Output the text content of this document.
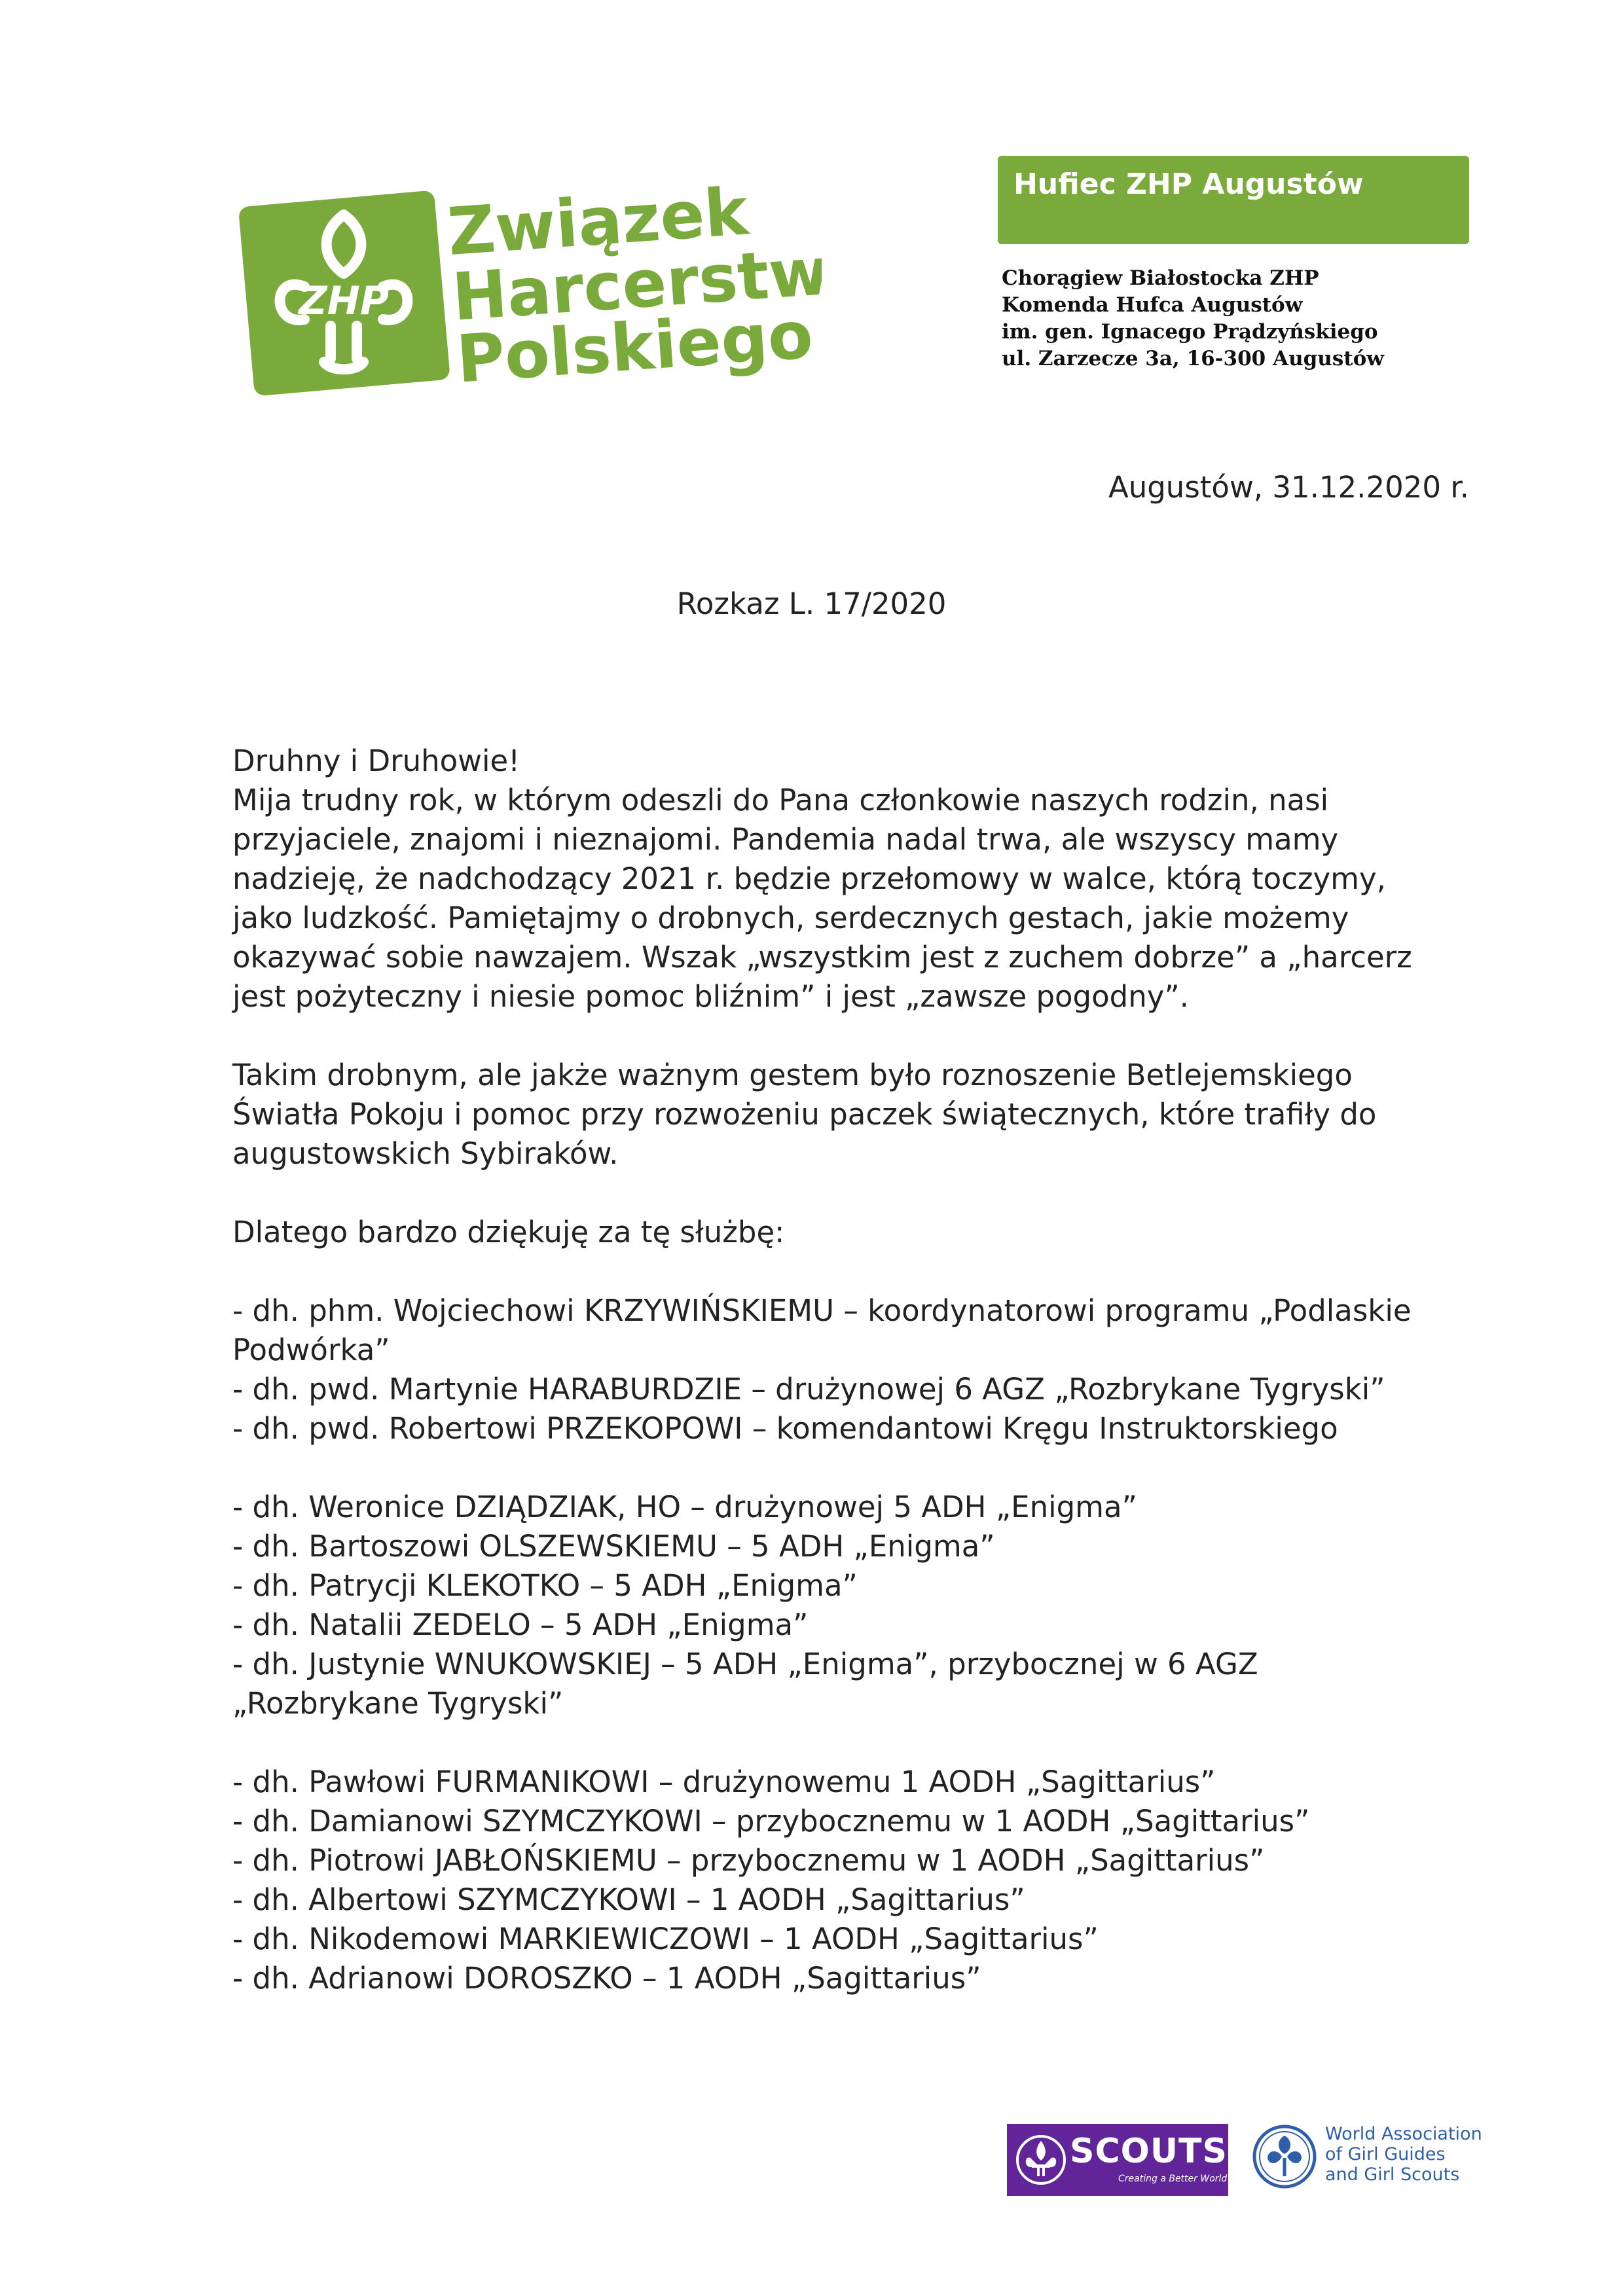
ZHP
Związek
Harcerstwa
Polskiego
Hufiec ZHP Augustów
Chorągiew Białostocka ZHP
Komenda Hufca Augustów
im. gen. Ignacego Prądzyńskiego
ul. Zarzecze 3a, 16-300 Augustów
Augustów, 31.12.2020 r.
Rozkaz L. 17/2020
Druhny i Druhowie!
Mija trudny rok, w którym odeszli do Pana członkowie naszych rodzin, nasi
przyjaciele, znajomi i nieznajomi. Pandemia nadal trwa, ale wszyscy mamy
nadzieję, że nadchodzący 2021 r. będzie przełomowy w walce, którą toczymy,
jako ludzkość. Pamiętajmy o drobnych, serdecznych gestach, jakie możemy
okazywać sobie nawzajem. Wszak „wszystkim jest z zuchem dobrze” a „harcerz
jest pożyteczny i niesie pomoc bliźnim” i jest „zawsze pogodny”.
Takim drobnym, ale jakże ważnym gestem było roznoszenie Betlejemskiego
Światła Pokoju i pomoc przy rozwożeniu paczek świątecznych, które trafiły do
augustowskich Sybiraków.
Dlatego bardzo dziękuję za tę służbę:
- dh. phm. Wojciechowi KRZYWIŃSKIEMU – koordynatorowi programu „Podlaskie
Podwórka”
- dh. pwd. Martynie HARABURDZIE – drużynowej 6 AGZ „Rozbrykane Tygryski”
- dh. pwd. Robertowi PRZEKOPOWI – komendantowi Kręgu Instruktorskiego
- dh. Weronice DZIĄDZIAK, HO – drużynowej 5 ADH „Enigma”
- dh. Bartoszowi OLSZEWSKIEMU – 5 ADH „Enigma”
- dh. Patrycji KLEKOTKO – 5 ADH „Enigma”
- dh. Natalii ZEDELO – 5 ADH „Enigma”
- dh. Justynie WNUKOWSKIEJ – 5 ADH „Enigma”, przybocznej w 6 AGZ
„Rozbrykane Tygryski”
- dh. Pawłowi FURMANIKOWI – drużynowemu 1 AODH „Sagittarius”
- dh. Damianowi SZYMCZYKOWI – przybocznemu w 1 AODH „Sagittarius”
- dh. Piotrowi JABŁOŃSKIEMU – przybocznemu w 1 AODH „Sagittarius”
- dh. Albertowi SZYMCZYKOWI – 1 AODH „Sagittarius”
- dh. Nikodemowi MARKIEWICZOWI – 1 AODH „Sagittarius”
- dh. Adrianowi DOROSZKO – 1 AODH „Sagittarius”
SCOUTS
Creating a Better World
World Association
of Girl Guides
and Girl Scouts
